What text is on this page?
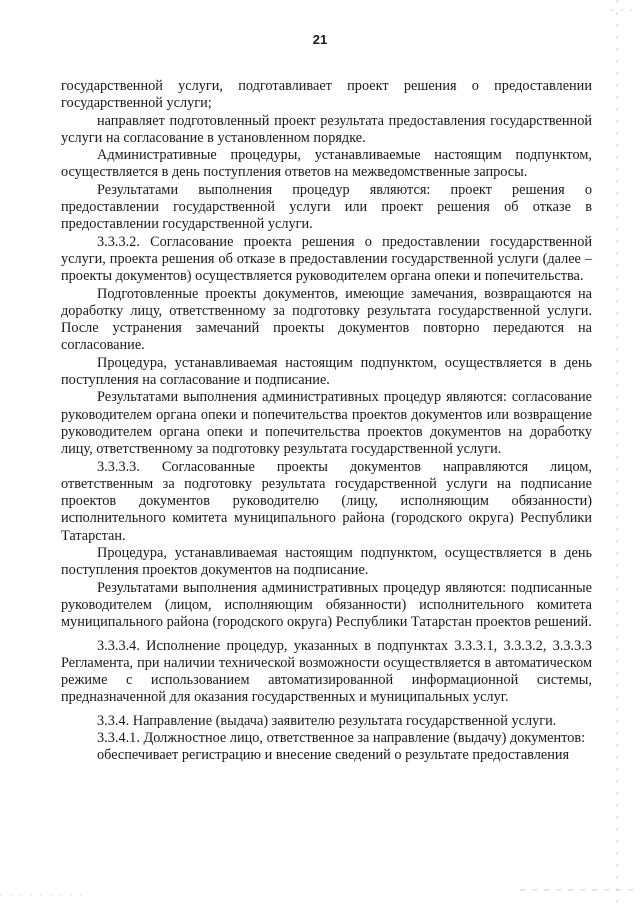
21

государственной услуги, подготавливает проект решения о предоставлении государственной услуги;

направляет подготовленный проект результата предоставления государственной услуги на согласование в установленном порядке.

Административные процедуры, устанавливаемые настоящим подпунктом, осуществляется в день поступления ответов на межведомственные запросы.

Результатами выполнения процедур являются: проект решения о предоставлении государственной услуги или проект решения об отказе в предоставлении государственной услуги.

3.3.3.2. Согласование проекта решения о предоставлении государственной услуги, проекта решения об отказе в предоставлении государственной услуги (далее – проекты документов) осуществляется руководителем органа опеки и попечительства.

Подготовленные проекты документов, имеющие замечания, возвращаются на доработку лицу, ответственному за подготовку результата государственной услуги. После устранения замечаний проекты документов повторно передаются на согласование.

Процедура, устанавливаемая настоящим подпунктом, осуществляется в день поступления на согласование и подписание.

Результатами выполнения административных процедур являются: согласование руководителем органа опеки и попечительства проектов документов или возвращение руководителем органа опеки и попечительства проектов документов на доработку лицу, ответственному за подготовку результата государственной услуги.

3.3.3.3. Согласованные проекты документов направляются лицом, ответственным за подготовку результата государственной услуги на подписание проектов документов руководителю (лицу, исполняющим обязанности) исполнительного комитета муниципального района (городского округа) Республики Татарстан.

Процедура, устанавливаемая настоящим подпунктом, осуществляется в день поступления проектов документов на подписание.

Результатами выполнения административных процедур являются: подписанные руководителем (лицом, исполняющим обязанности) исполнительного комитета муниципального района (городского округа) Республики Татарстан проектов решений.

3.3.3.4. Исполнение процедур, указанных в подпунктах 3.3.3.1, 3.3.3.2, 3.3.3.3 Регламента, при наличии технической возможности осуществляется в автоматическом режиме с использованием автоматизированной информационной системы, предназначенной для оказания государственных и муниципальных услуг.

3.3.4. Направление (выдача) заявителю результата государственной услуги.

3.3.4.1. Должностное лицо, ответственное за направление (выдачу) документов:

обеспечивает регистрацию и внесение сведений о результате предоставления
